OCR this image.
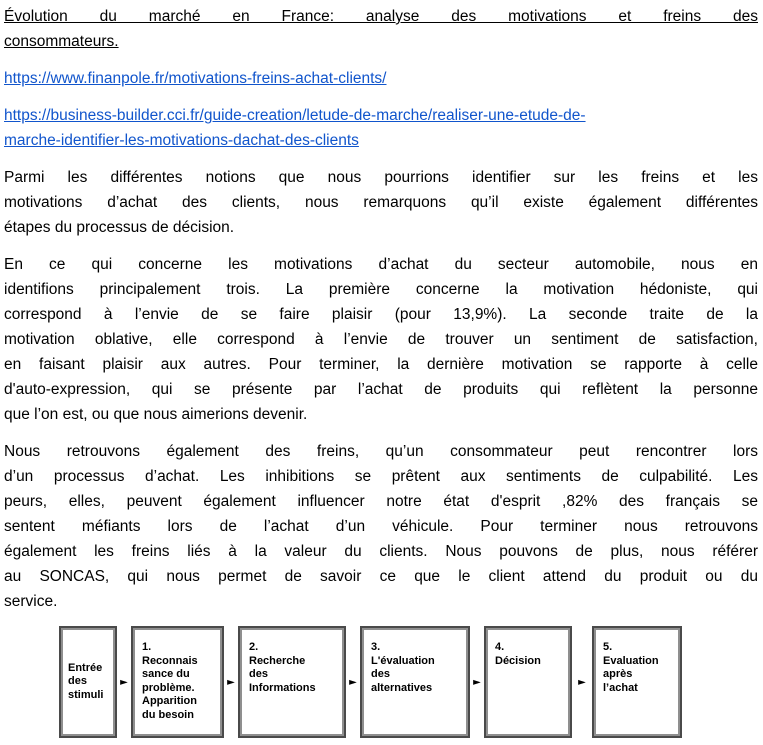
Évolution du marché en France: analyse des motivations et freins des
consommateurs.
https://www.finanpole.fr/motivations-freins-achat-clients/
https://business-builder.cci.fr/guide-creation/letude-de-marche/realiser-une-etude-de-
marche-identifier-les-motivations-dachat-des-clients
Parmi les différentes notions que nous pourrions identifier sur les freins et les
motivations d’achat des clients, nous remarquons qu’il existe également différentes
étapes du processus de décision.
En ce qui concerne les motivations d’achat du secteur automobile, nous en
identifions principalement trois. La première concerne la motivation hédoniste, qui
correspond à l’envie de se faire plaisir (pour 13,9%). La seconde traite de la
motivation oblative, elle correspond à l’envie de trouver un sentiment de satisfaction,
en faisant plaisir aux autres. Pour terminer, la dernière motivation se rapporte à celle
d'auto-expression, qui se présente par l’achat de produits qui reflètent la personne
que l’on est, ou que nous aimerions devenir.
Nous retrouvons également des freins, qu’un consommateur peut rencontrer lors
d’un processus d’achat. Les inhibitions se prêtent aux sentiments de culpabilité. Les
peurs, elles, peuvent également influencer notre état d'esprit ,82% des français se
sentent méfiants lors de l’achat d’un véhicule. Pour terminer nous retrouvons
également les freins liés à la valeur du clients. Nous pouvons de plus, nous référer
au SONCAS, qui nous permet de savoir ce que le client attend du produit ou du
service.
Entrée
des
stimuli
►
1.
Reconnais
sance du
problème.
Apparition
du besoin
►
2.
Recherche
des
Informations	►
3.
L'évaluation
des
alternatives	►
4.
Décision
►
5.
Evaluation
après
l’achat
